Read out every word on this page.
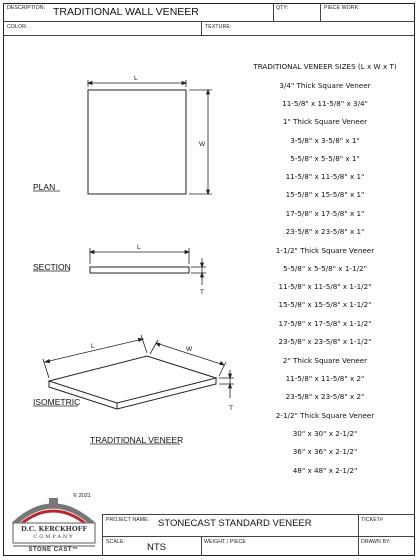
DESCRIPTION: TRADITIONAL WALL VENEER	QTY:	PIECE WORK:
COLOR:	TEXTURE:
L
W
L
T
L	W
T
PLAN
SECTION
ISOMETRIC
TRADITIONAL VENEER
TRADITIONAL VENEER SIZES (L x W x T)
3/4" Thick Square Veneer
11-5/8" x 11-5/8" x 3/4"
1" Thick Square Veneer
3-5/8" x 3-5/8" x 1"
5-5/8" x 5-5/8" x 1"
11-5/8" x 11-5/8" x 1"
15-5/8" x 15-5/8" x 1"
17-5/8" x 17-5/8" x 1"
23-5/8" x 23-5/8" x 1"
1-1/2" Thick Square Veneer
5-5/8" x 5-5/8" x 1-1/2"
11-5/8" x 11-5/8" x 1-1/2"
15-5/8" x 15-5/8" x 1-1/2"
17-5/8" x 17-5/8" x 1-1/2"
23-5/8" x 23-5/8" x 1-1/2"
2" Thick Square Veneer
11-5/8" x 11-5/8" x 2"
23-5/8" x 23-5/8" x 2"
2-1/2" Thick Square Veneer
30" x 30" x 2-1/2"
36" x 36" x 2-1/2"
48" x 48" x 2-1/2"
© 2021
D.C. KERCKHOFF
COMPANY
STONE CAST™
PROJECT NAME: STONECAST STANDARD VENEER	TICKET#
SCALE: NTS	WEIGHT / PIECE	DRAWN BY:
